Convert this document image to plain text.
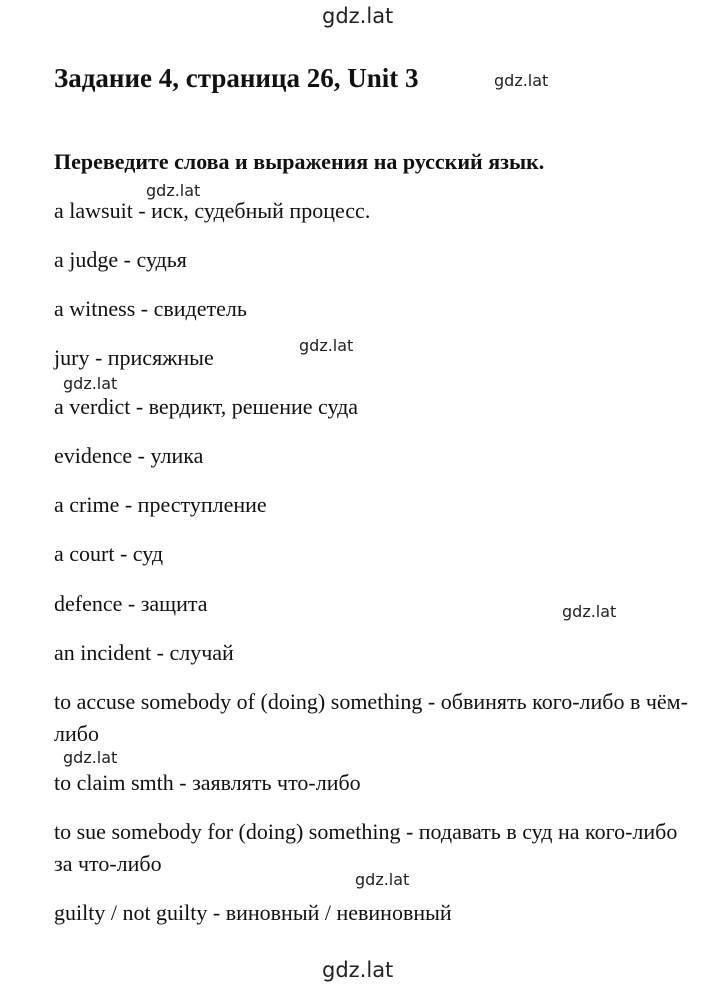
gdz.lat
gdz.lat
gdz.lat
gdz.lat
gdz.lat
gdz.lat
gdz.lat
gdz.lat
gdz.lat
Задание 4, страница 26, Unit 3

Переведите слова и выражения на русский язык.

a lawsuit - иск, судебный процесс.

a judge - судья

a witness - свидетель

jury - присяжные

a verdict - вердикт, решение суда

evidence - улика

a crime - преступление

a court - суд

defence - защита

an incident - случай

to accuse somebody of (doing) something - обвинять кого-либо в чём-либо

to claim smth - заявлять что-либо

to sue somebody for (doing) something - подавать в суд на кого-либо за что-либо

guilty / not guilty - виновный / невиновный
